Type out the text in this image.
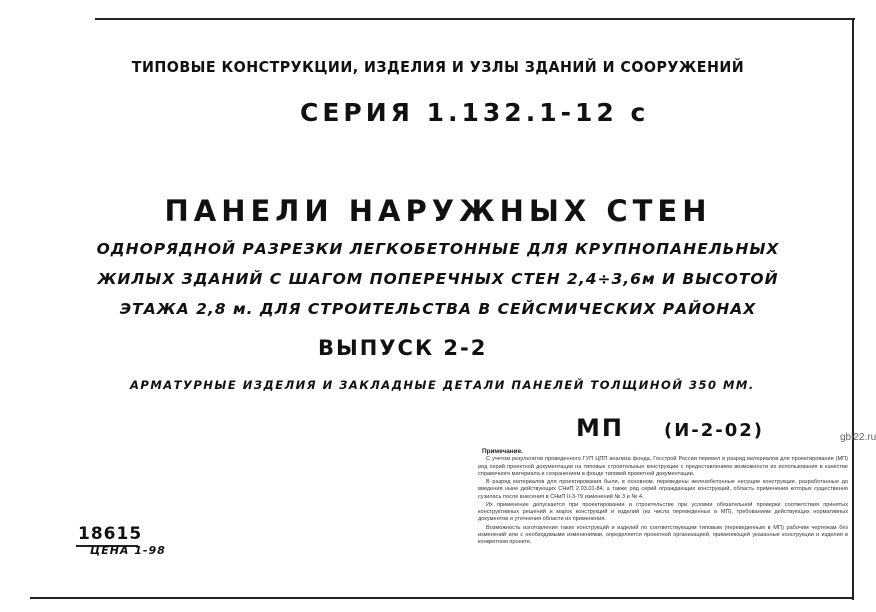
ТИПОВЫЕ КОНСТРУКЦИИ, ИЗДЕЛИЯ И УЗЛЫ ЗДАНИЙ И СООРУЖЕНИЙ
СЕРИЯ 1.132.1-12 с
ПАНЕЛИ НАРУЖНЫХ СТЕН
ОДНОРЯДНОЙ РАЗРЕЗКИ ЛЕГКОБЕТОННЫЕ ДЛЯ КРУПНОПАНЕЛЬНЫХ
ЖИЛЫХ ЗДАНИЙ С ШАГОМ ПОПЕРЕЧНЫХ СТЕН 2,4÷3,6м И ВЫСОТОЙ
ЭТАЖА 2,8 м. ДЛЯ СТРОИТЕЛЬСТВА В СЕЙСМИЧЕСКИХ РАЙОНАХ
ВЫПУСК 2-2
АРМАТУРНЫЕ ИЗДЕЛИЯ И ЗАКЛАДНЫЕ ДЕТАЛИ ПАНЕЛЕЙ ТОЛЩИНОЙ 350 ММ.
МП (И-2-02)	gbi22.ru
Примечание.

С учетом результатов проведенного ГУП ЦПП анализа фонда, Госстрой России перевел в разряд материалов для проектирования (МП) ряд серий проектной документации на типовые строительные конструкции с предоставлением возможности их использования в качестве справочного материала и сохранением в фонде типовой проектной документации.

В разряд материалов для проектирования были, в основном, переведены железобетонные несущие конструкции, разработанные до введения ныне действующих СНиП 2.03.01-84, а также ряд серий ограждающих конструкций, область применения которых существенно сузилась после внесения в СНиП II-3-79 изменений № 3 и № 4.

Их применение допускается при проектировании и строительстве при условии обязательной проверки соответствия принятых конструктивных решений и марок конструкций и изделий (из числа переведенных в МП), требованиям действующих нормативных документов и уточнения области их применения.

Возможность изготовления таких конструкций и изделий по соответствующим типовым (переведенным в МП) рабочим чертежам без изменений или с необходимыми изменениями, определяется проектной организацией, применяющей указанные конструкции и изделия в конкретном проекте.

18615
ЦЕНА 1-98
